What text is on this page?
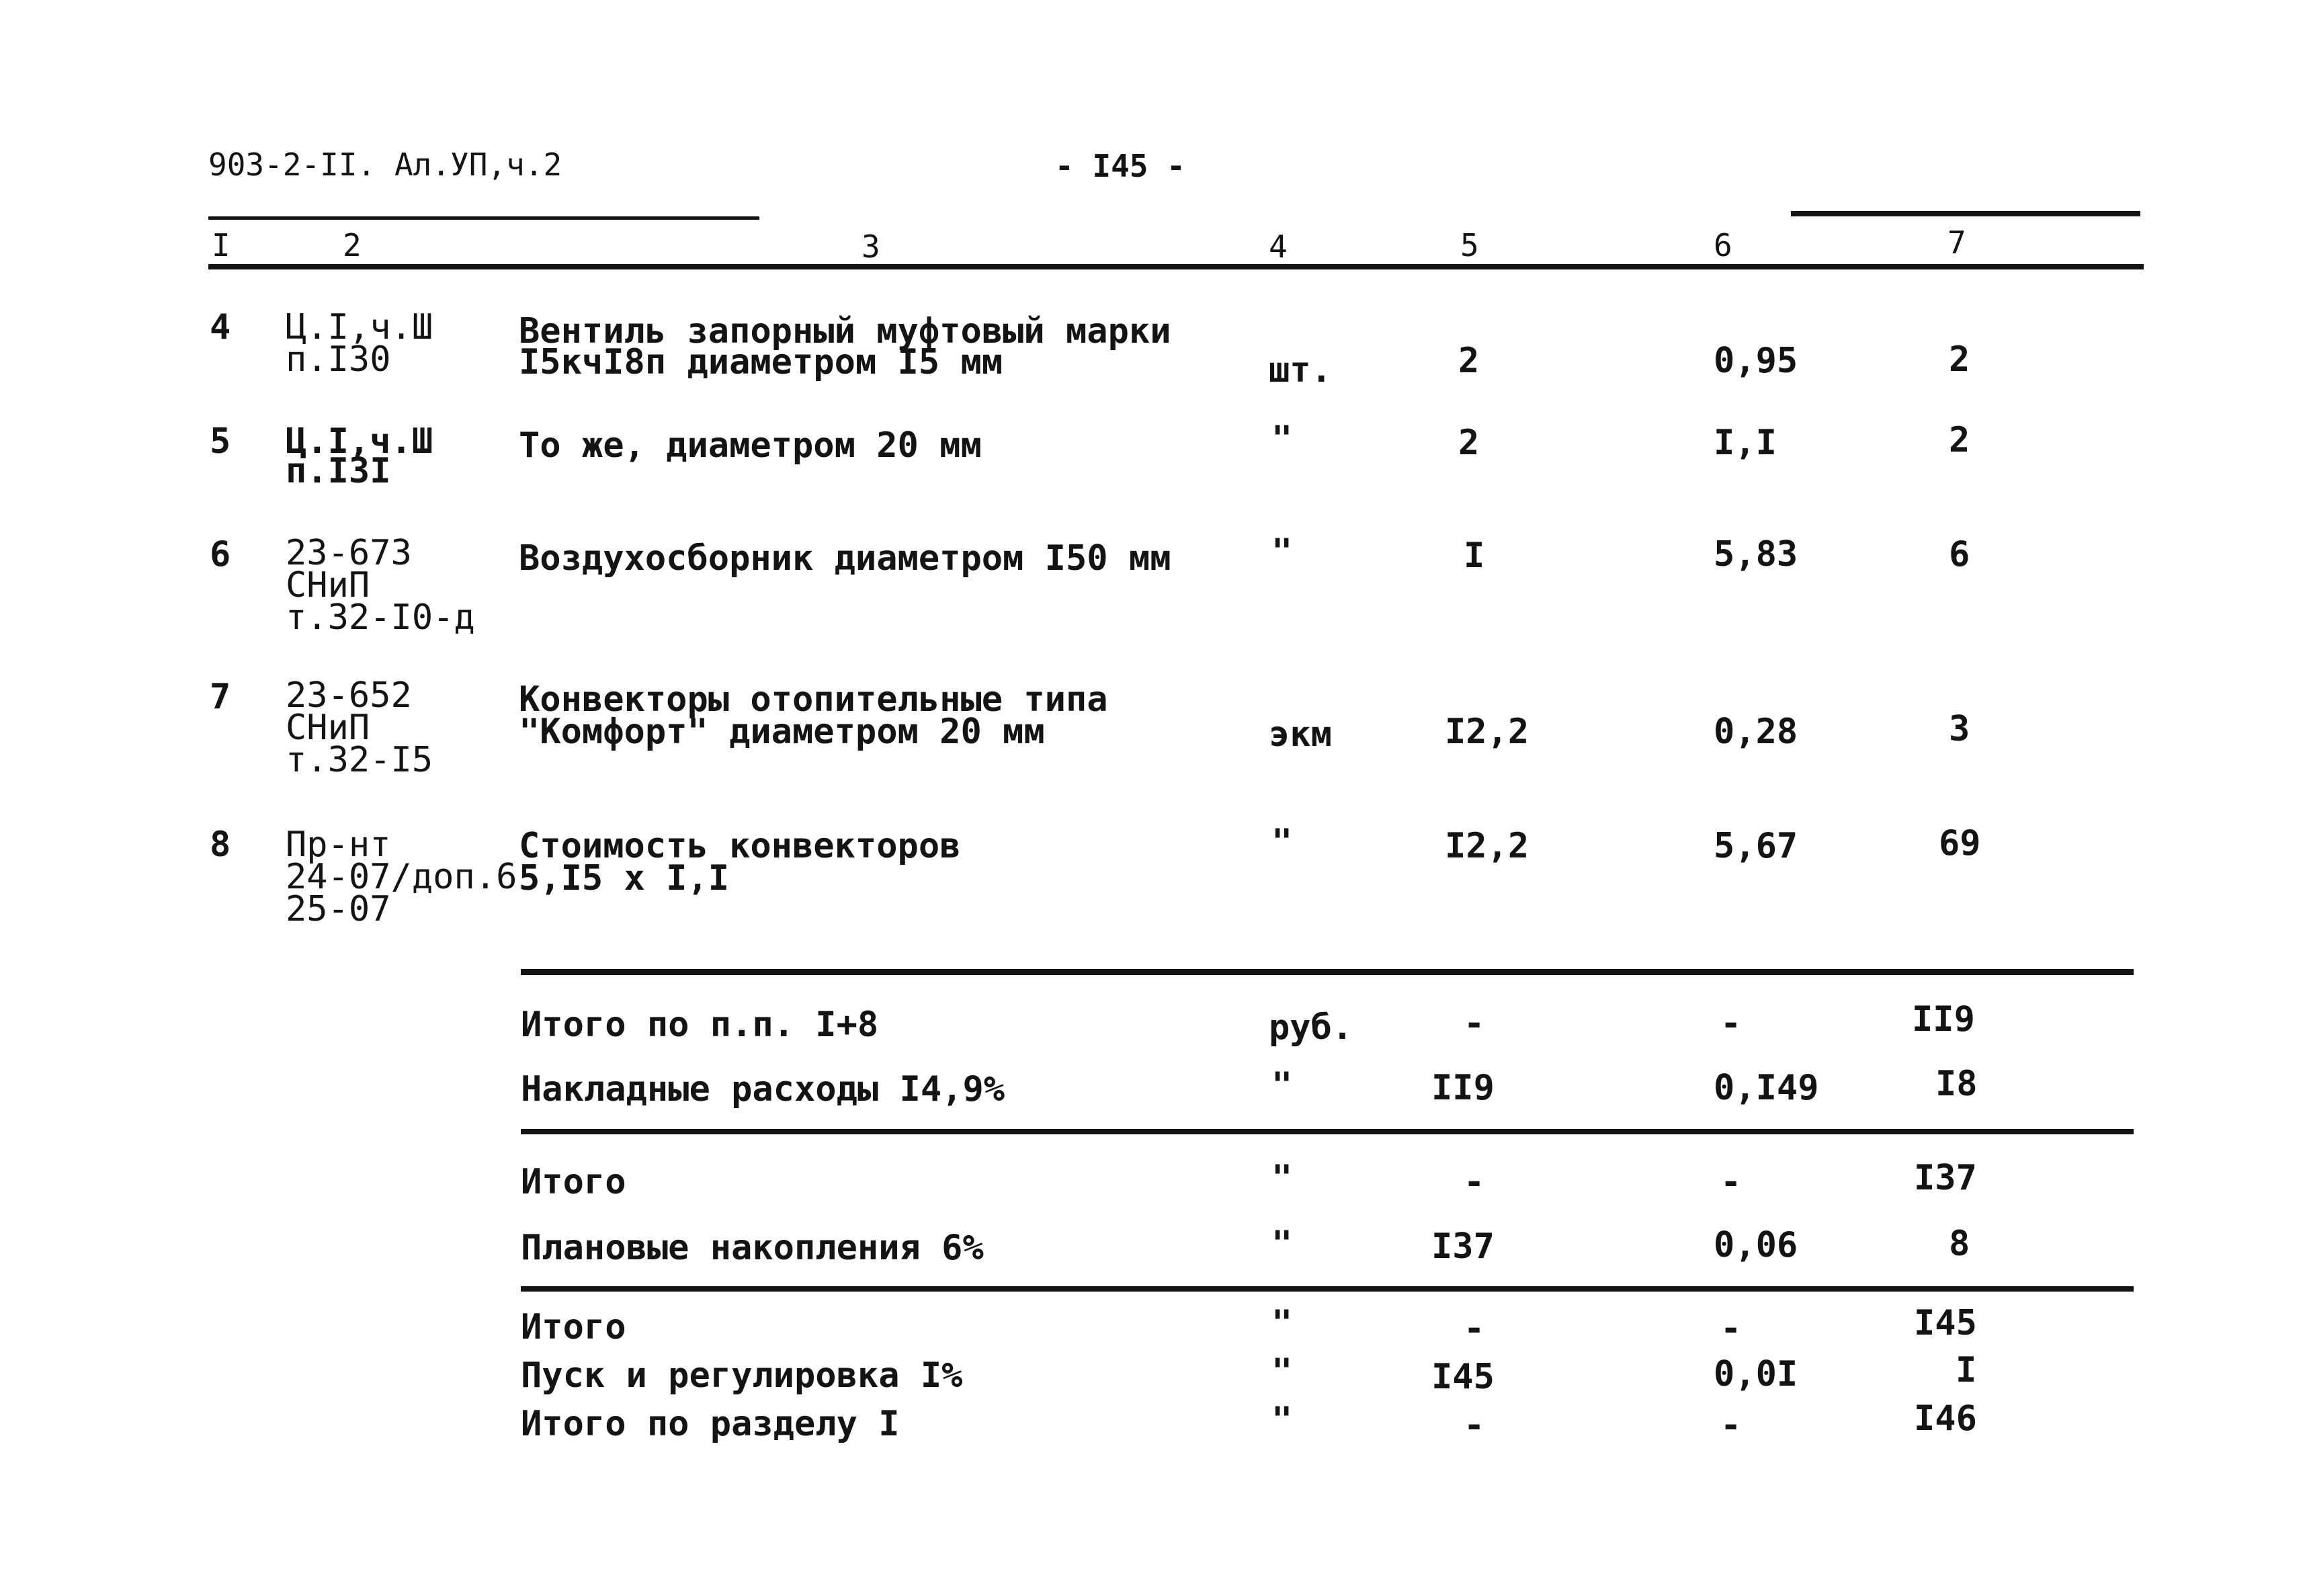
903-2-II. Ал.УП,ч.2	- I45 -
I	2	3	4	5	6	7
4 Ц.I,ч.Ш
п.I30
Вентиль запорный муфтовый марки
I5кчI8п диаметром I5 мм	шт.	2	0,95	2
5 Ц.I,ч.Ш
п.I3I
То же, диаметром 20 мм	"	2	I,I	2
6 23-673
СНиП
т.32-I0-д
Воздухосборник диаметром I50 мм	"	I	5,83	6
7 23-652
СНиП
т.32-I5
Конвекторы отопительные типа
"Комфорт" диаметром 20 мм	экм	I2,2	0,28	3
8 Пр-нт
24-07/доп.6
25-07
Стоимость конвекторов
5,I5 x I,I
"	I2,2	5,67	69
Итого по п.п. I+8	руб.	-	-	II9
Накладные расходы I4,9%	"	II9	0,I49	I8
Итого	"	-	-	I37
Плановые накопления 6%	"	I37	0,06	8
Итого	"	-	-	I45
Пуск и регулировка I%	"	I45	0,0I	I
Итого по разделу I	"	-	-	I46
